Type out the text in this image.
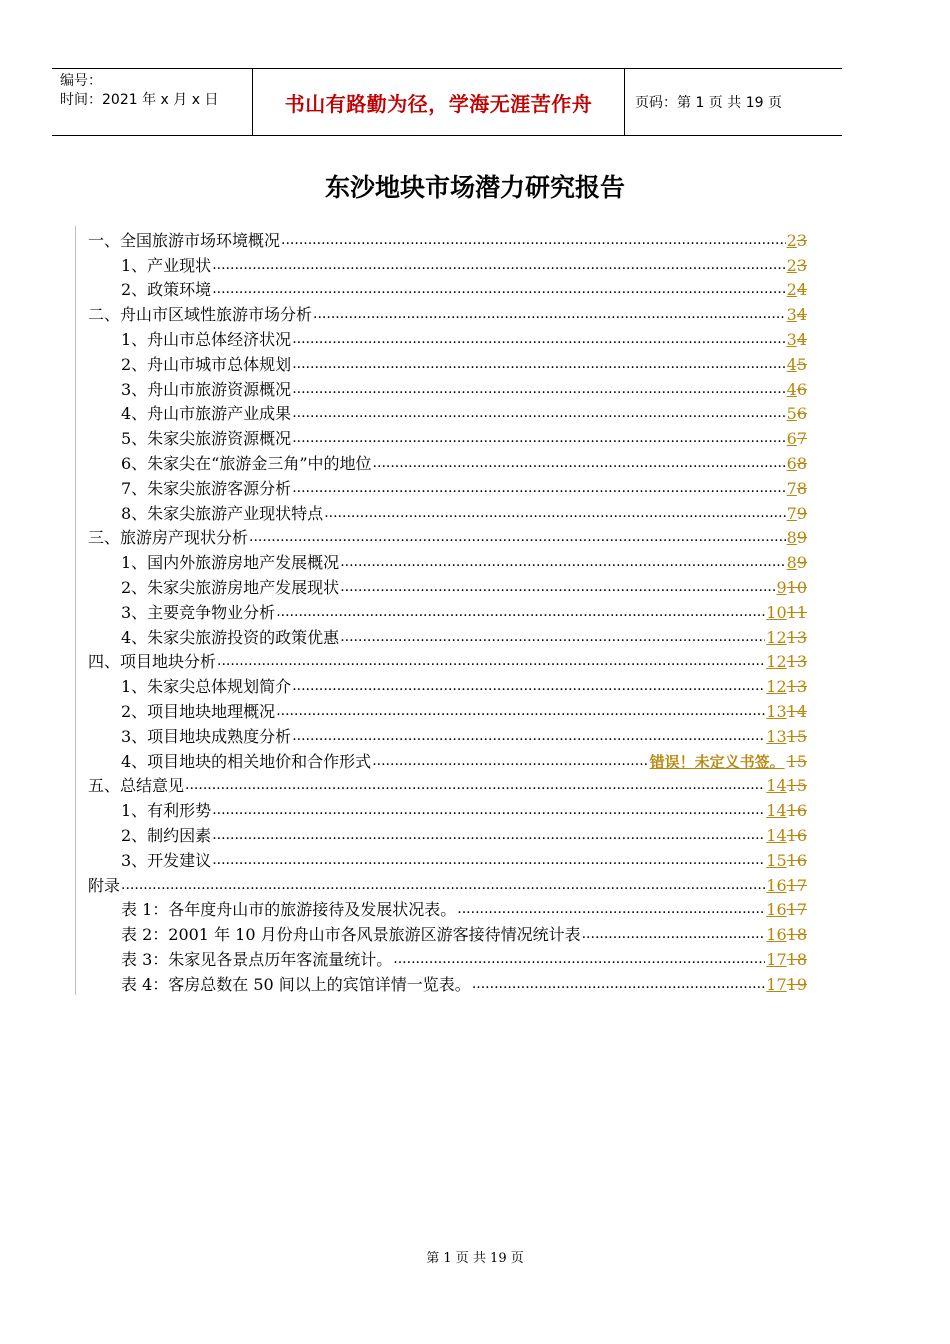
编号：
时间：2021 年 x 月 x 日	书山有路勤为径，学海无涯苦作舟	页码：第 1 页 共 19 页
东沙地块市场潜力研究报告
一、全国旅游市场环境概况 .....	23
1、产业现状 .....	23
2、政策环境 .....	24
二、舟山市区域性旅游市场分析 .....	34
1、舟山市总体经济状况 .....	34
2、舟山市城市总体规划 .....	45
3、舟山市旅游资源概况 .....	46
4、舟山市旅游产业成果 .....	56
5、朱家尖旅游资源概况 .....	67
6、朱家尖在“旅游金三角”中的地位 .....	68
7、朱家尖旅游客源分析 .....	78
8、朱家尖旅游产业现状特点 .....	79
三、旅游房产现状分析 .....	89
1、国内外旅游房地产发展概况 .....	89
2、朱家尖旅游房地产发展现状 .....	910
3、主要竞争物业分析 .....	1011
4、朱家尖旅游投资的政策优惠 .....	1213
四、项目地块分析 .....	1213
1、朱家尖总体规划简介 .....	1213
2、项目地块地理概况 .....	1314
3、项目地块成熟度分析 .....	1315
4、项目地块的相关地价和合作形式 .....	错误！未定义书签。 15
五、总结意见 .....	1415
1、有利形势 .....	1416
2、制约因素 .....	1416
3、开发建议 .....	1516
附录 .....	1617
表 1：各年度舟山市的旅游接待及发展状况表。 .....	1617
表 2：2001 年 10 月份舟山市各风景旅游区游客接待情况统计表 .....	1618
表 3：朱家见各景点历年客流量统计。 .....	1718
表 4：客房总数在 50 间以上的宾馆详情一览表。 .....	1719
第 1 页 共 19 页
